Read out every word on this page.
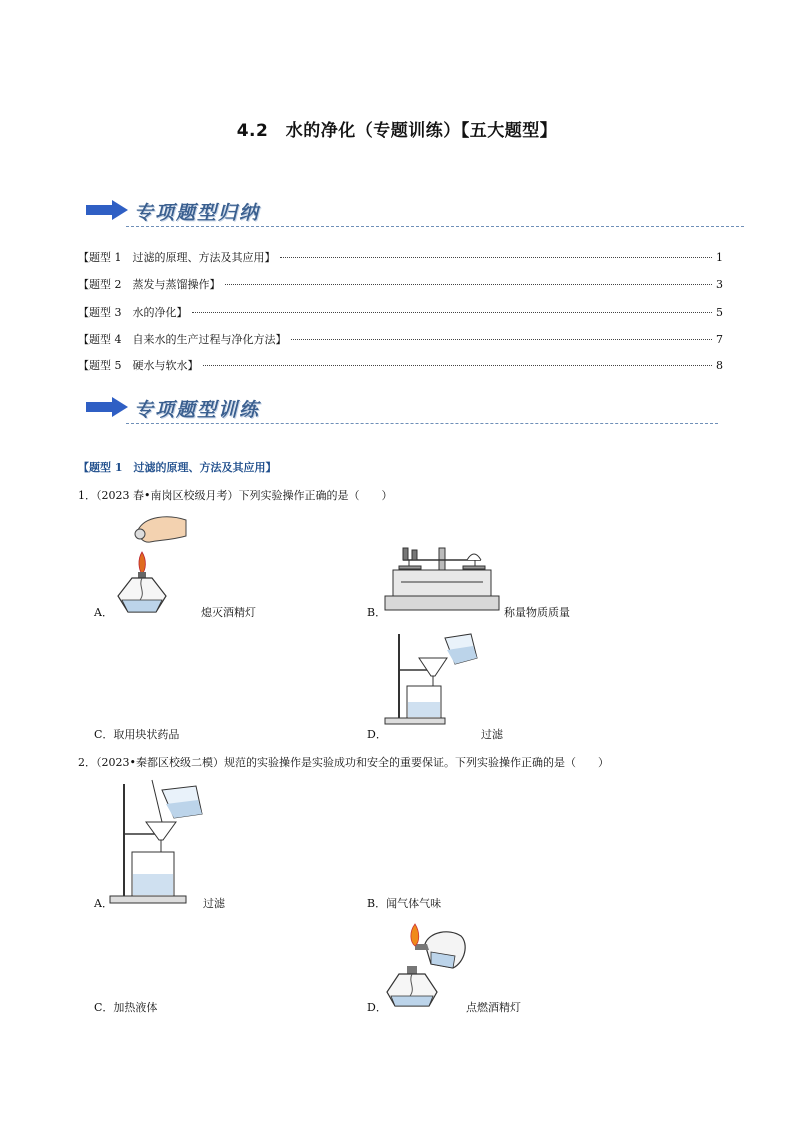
4.2　水的净化（专题训练）【五大题型】
专项题型归纳
【题型 1　过滤的原理、方法及其应用】	1
【题型 2　蒸发与蒸馏操作】	3
【题型 3　水的净化】	5
【题型 4　自来水的生产过程与净化方法】	7
【题型 5　硬水与软水】	8
专项题型训练
【题型 1　过滤的原理、方法及其应用】
1．（2023 春•南岗区校级月考）下列实验操作正确的是（　　）
A．	熄灭酒精灯	B．	称量物质质量
C．取用块状药品	D．	过滤
2．（2023•秦都区校级二模）规范的实验操作是实验成功和安全的重要保证。下列实验操作正确的是（　　）
A．	过滤	B．闻气体气味
C．加热液体	D．	点燃酒精灯
